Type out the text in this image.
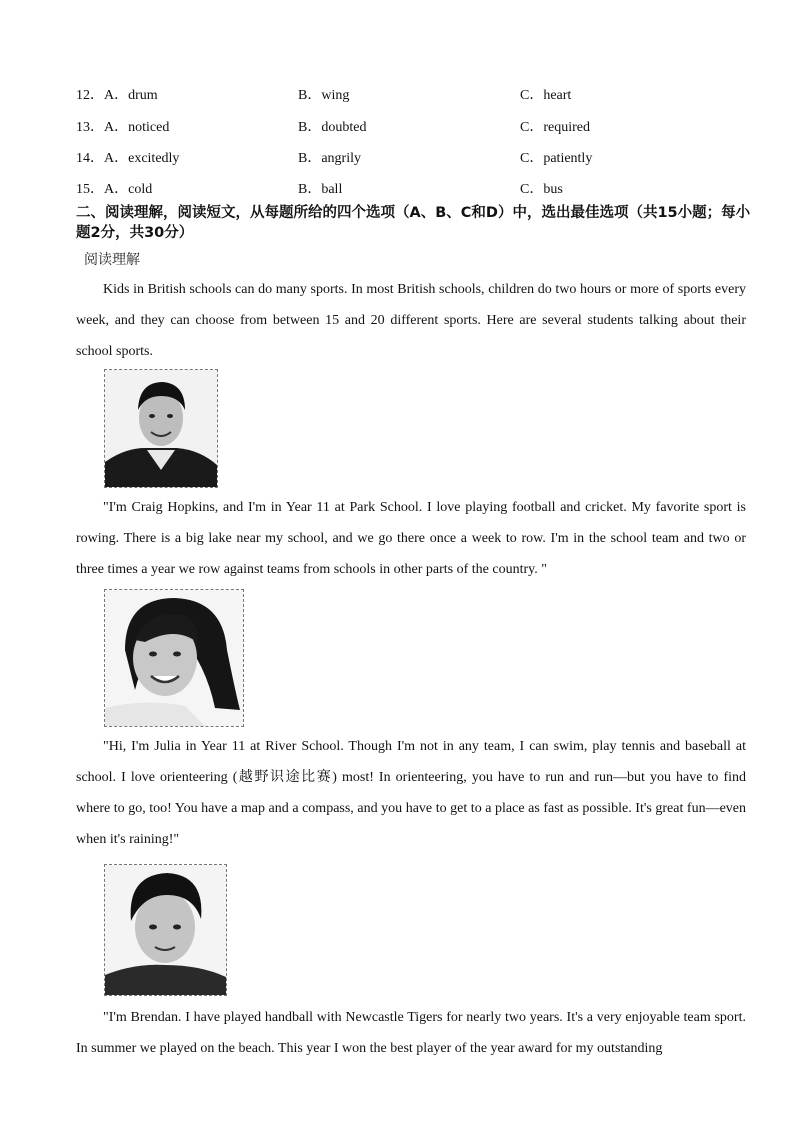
12． A．drum	B．wing	C．heart
13． A．noticed	B．doubted	C．required
14． A．excitedly	B．angrily	C．patiently
15． A．cold	B．ball	C．bus
二、阅读理解，阅读短文，从每题所给的四个选项（A、B、C和D）中，选出最佳选项（共15小题；每小题2分，共30分）
阅读理解
Kids in British schools can do many sports. In most British schools, children do two hours or more of sports every week, and they can choose from between 15 and 20 different sports. Here are several students talking about their school sports.
"I'm Craig Hopkins, and I'm in Year 11 at Park School. I love playing football and cricket. My favorite sport is rowing. There is a big lake near my school, and we go there once a week to row. I'm in the school team and two or three times a year we row against teams from schools in other parts of the country. "
"Hi, I'm Julia in Year 11 at River School. Though I'm not in any team, I can swim, play tennis and baseball at school. I love orienteering (越野识途比赛) most! In orienteering, you have to run and run—but you have to find where to go, too! You have a map and a compass, and you have to get to a place as fast as possible. It's great fun—even when it's raining!"
"I'm Brendan. I have played handball with Newcastle Tigers for nearly two years. It's a very enjoyable team sport. In summer we played on the beach. This year I won the best player of the year award for my outstanding
